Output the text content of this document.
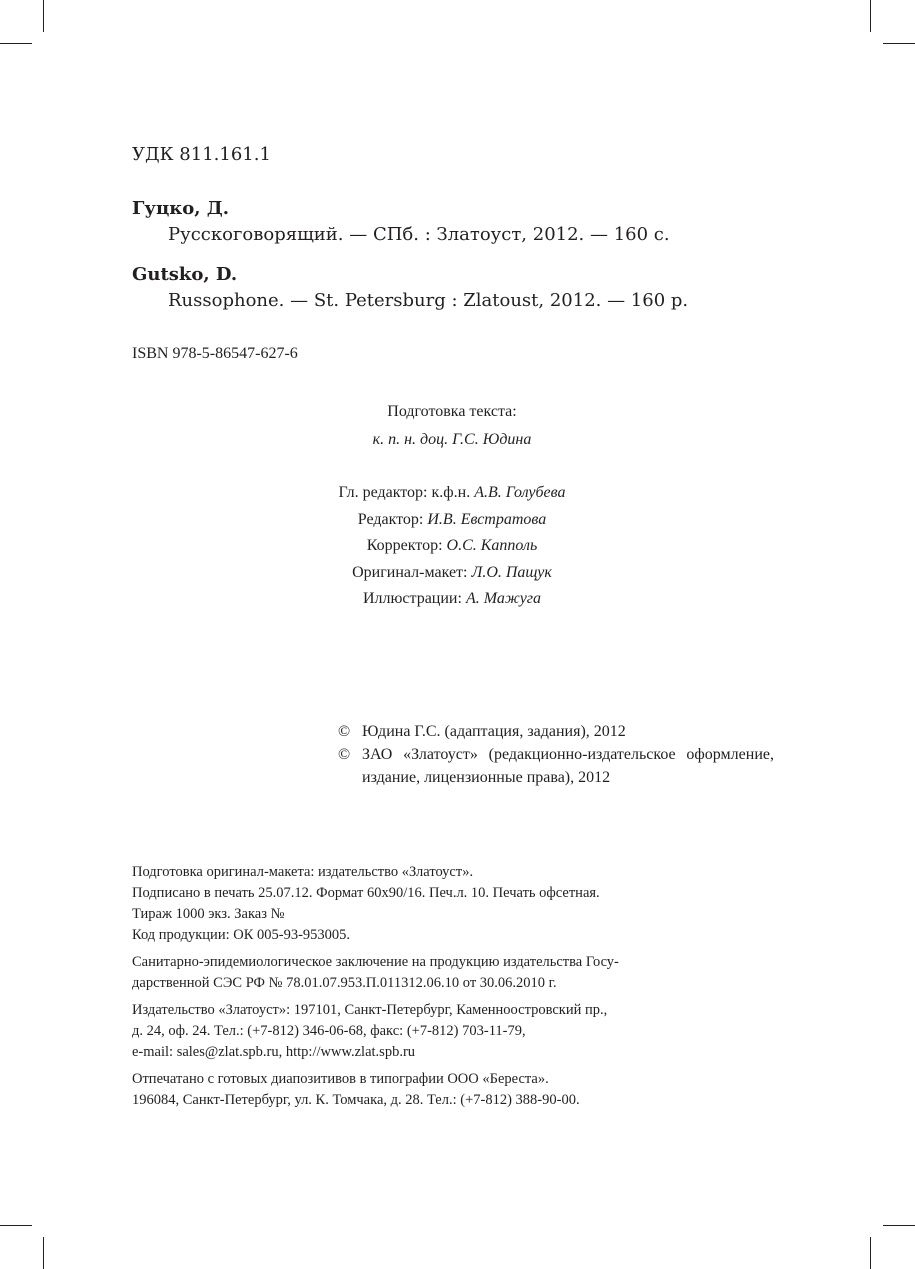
УДК 811.161.1
Гуцко, Д.
Русскоговорящий. — СПб. : Златоуст, 2012. — 160 с.
Gutsko, D.
Russophone. — St. Petersburg : Zlatoust, 2012. — 160 p.
ISBN 978-5-86547-627-6
Подготовка текста:
к. п. н. доц. Г.С. Юдина
Гл. редактор: к.ф.н. А.В. Голубева
Редактор: И.В. Евстратова
Корректор: О.С. Капполь
Оригинал-макет: Л.О. Пащук
Иллюстрации: А. Мажуга
© Юдина Г.С. (адаптация, задания), 2012
© ЗАО «Златоуст» (редакционно-издательское оформление, издание, лицензионные права), 2012
Подготовка оригинал-макета: издательство «Златоуст».
Подписано в печать 25.07.12. Формат 60x90/16. Печ.л. 10. Печать офсетная.
Тираж 1000 экз. Заказ №
Код продукции: ОК 005-93-953005.
Санитарно-эпидемиологическое заключение на продукцию издательства Госу-
дарственной СЭС РФ № 78.01.07.953.П.011312.06.10 от 30.06.2010 г.
Издательство «Златоуст»: 197101, Санкт-Петербург, Каменноостровский пр.,
д. 24, оф. 24. Тел.: (+7-812) 346-06-68, факс: (+7-812) 703-11-79,
e-mail: sales@zlat.spb.ru, http://www.zlat.spb.ru
Отпечатано с готовых диапозитивов в типографии ООО «Береста».
196084, Санкт-Петербург, ул. К. Томчака, д. 28. Тел.: (+7-812) 388-90-00.
